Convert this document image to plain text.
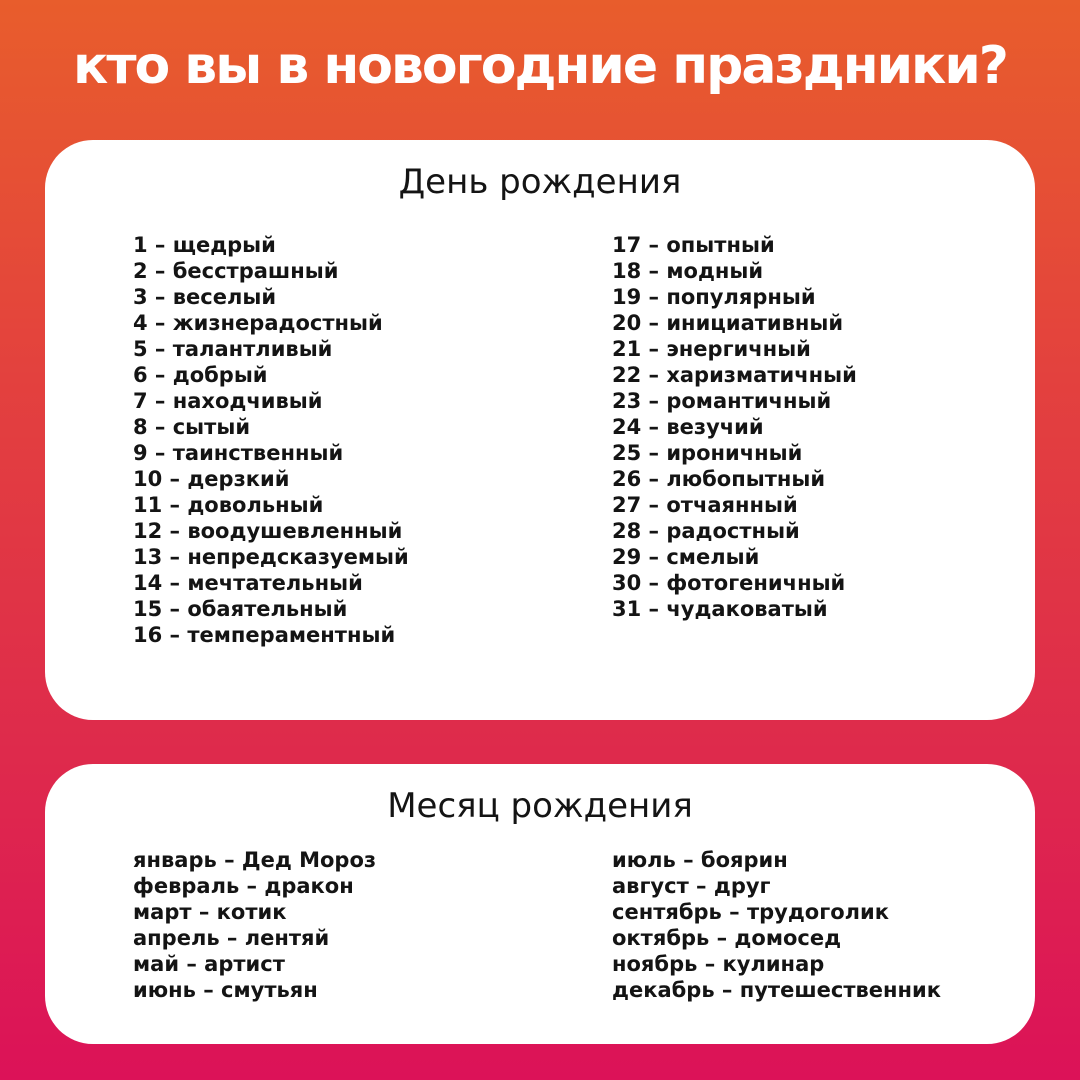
кто вы в новогодние праздники?
День рождения
1 – щедрый
2 – бесстрашный
3 – веселый
4 – жизнерадостный
5 – талантливый
6 – добрый
7 – находчивый
8 – сытый
9 – таинственный
10 – дерзкий
11 – довольный
12 – воодушевленный
13 – непредсказуемый
14 – мечтательный
15 – обаятельный
16 – темпераментный
17 – опытный
18 – модный
19 – популярный
20 – инициативный
21 – энергичный
22 – харизматичный
23 – романтичный
24 – везучий
25 – ироничный
26 – любопытный
27 – отчаянный
28 – радостный
29 – смелый
30 – фотогеничный
31 – чудаковатый
Месяц рождения
январь – Дед Мороз
февраль – дракон
март – котик
апрель – лентяй
май – артист
июнь – смутьян
июль – боярин
август – друг
сентябрь – трудоголик
октябрь – домосед
ноябрь – кулинар
декабрь – путешественник
